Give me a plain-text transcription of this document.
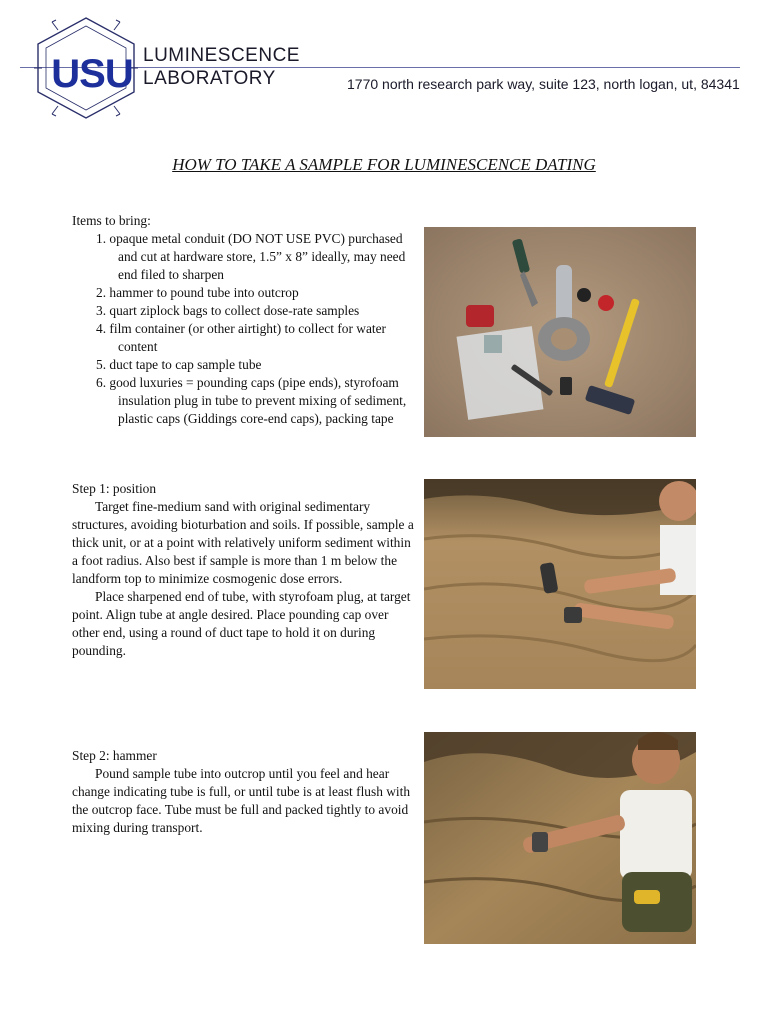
USU LUMINESCENCE
LABORATORY	1770 north research park way, suite 123, north logan, ut, 84341
HOW TO TAKE A SAMPLE FOR LUMINESCENCE DATING
Items to bring:
1. opaque metal conduit (DO NOT USE PVC) purchased and cut at hardware store, 1.5” x 8” ideally, may need end filed to sharpen
2. hammer to pound tube into outcrop
3. quart ziplock bags to collect dose-rate samples
4. film container (or other airtight) to collect for water content
5. duct tape to cap sample tube
6. good luxuries = pounding caps (pipe ends), styrofoam insulation plug in tube to prevent mixing of sediment, plastic caps (Giddings core-end caps), packing tape
Step 1: position
Target fine-medium sand with original sedimentary structures, avoiding bioturbation and soils. If possible, sample a thick unit, or at a point with relatively uniform sediment within a foot radius. Also best if sample is more than 1 m below the landform top to minimize cosmogenic dose errors.
Place sharpened end of tube, with styrofoam plug, at target point. Align tube at angle desired. Place pounding cap over other end, using a round of duct tape to hold it on during pounding.
Step 2: hammer
Pound sample tube into outcrop until you feel and hear change indicating tube is full, or until tube is at least flush with the outcrop face. Tube must be full and packed tightly to avoid mixing during transport.
